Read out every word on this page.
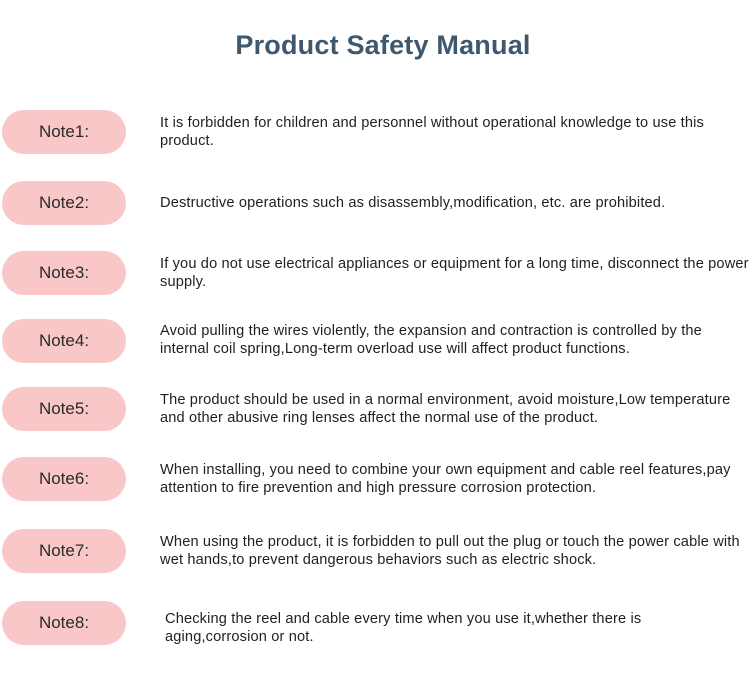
Product Safety Manual
Note1:	It is forbidden for children and personnel without operational knowledge to use this product.
Note2:	Destructive operations such as disassembly,modification, etc. are prohibited.
Note3:	If you do not use electrical appliances or equipment for a long time, disconnect the power supply.
Note4:	Avoid pulling the wires violently, the expansion and contraction is controlled by the internal coil spring,Long-term overload use will affect product functions.
Note5:	The product should be used in a normal environment, avoid moisture,Low temperature and other abusive ring lenses affect the normal use of the product.
Note6:	When installing, you need to combine your own equipment and cable reel features,pay attention to fire prevention and high pressure corrosion protection.
Note7:	When using the product, it is forbidden to pull out the plug or touch the power cable with wet hands,to prevent dangerous behaviors such as electric shock.
Note8:	Checking the reel and cable every time when you use it,whether there is aging,corrosion or not.
